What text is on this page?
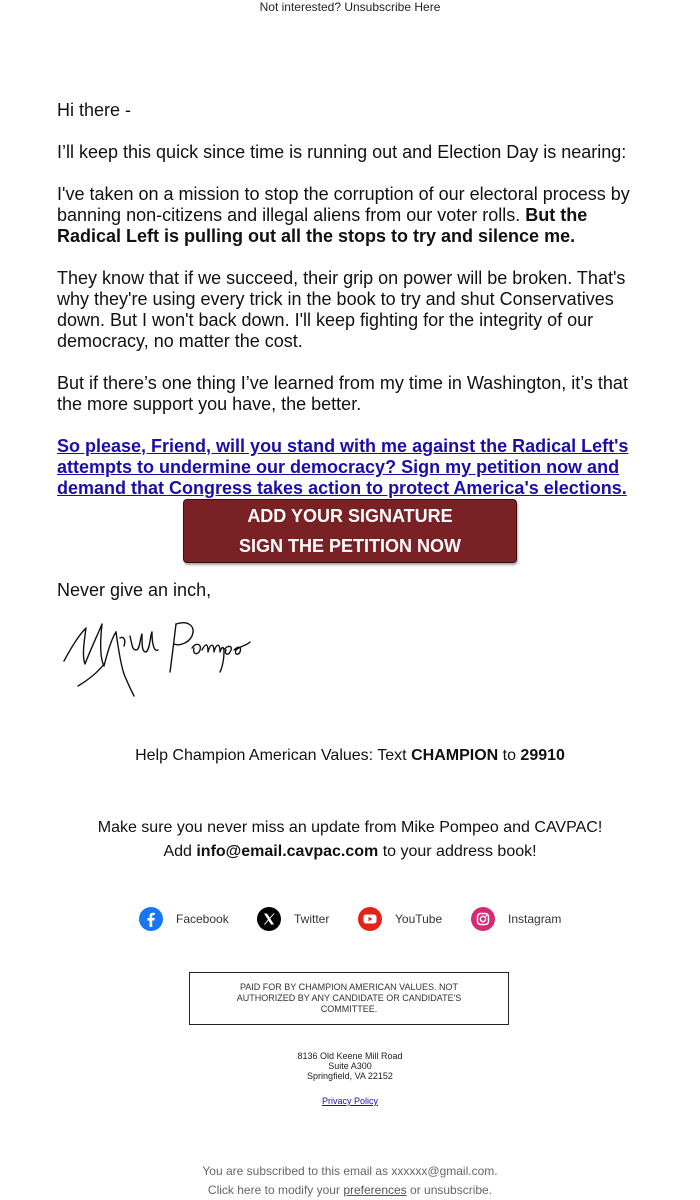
Not interested? Unsubscribe Here

Hi there -

I’ll keep this quick since time is running out and Election Day is nearing:

I've taken on a mission to stop the corruption of our electoral process by banning non-citizens and illegal aliens from our voter rolls. But the Radical Left is pulling out all the stops to try and silence me.

They know that if we succeed, their grip on power will be broken. That's why they're using every trick in the book to try and shut Conservatives down. But I won't back down. I'll keep fighting for the integrity of our democracy, no matter the cost.

But if there’s one thing I’ve learned from my time in Washington, it’s that the more support you have, the better.

So please, Friend, will you stand with me against the Radical Left's attempts to undermine our democracy? Sign my petition now and demand that Congress takes action to protect America's elections.

ADD YOUR SIGNATURE
SIGN THE PETITION NOW
Never give an inch,
Help Champion American Values: Text CHAMPION to 29910
Make sure you never miss an update from Mike Pompeo and CAVPAC!
Add info@email.cavpac.com to your address book!
Facebook	Twitter	YouTube	Instagram
PAID FOR BY CHAMPION AMERICAN VALUES. NOT AUTHORIZED BY ANY CANDIDATE OR CANDIDATE'S COMMITTEE.
8136 Old Keene Mill Road
Suite A300
Springfield, VA 22152
Privacy Policy
You are subscribed to this email as xxxxxx@gmail.com.
Click here to modify your preferences or unsubscribe.
